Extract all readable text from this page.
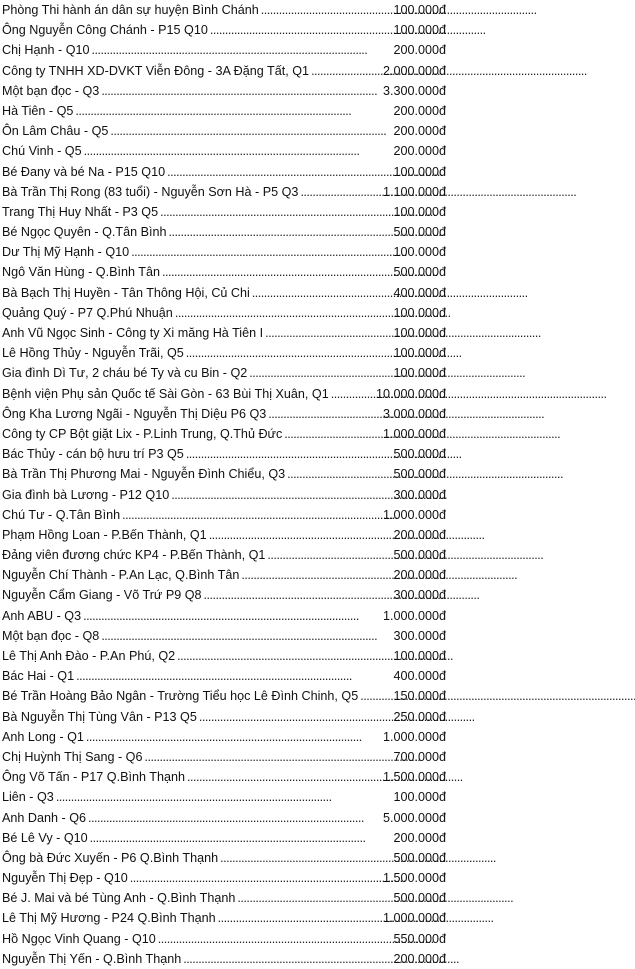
Phòng Thi hành án dân sự huyện Bình Chánh . . .	100.000đ
Ông Nguyễn Công Chánh - P15 Q10 . . .	100.000đ
Chị Hạnh - Q10 . . .	200.000đ
Công ty TNHH XD-DVKT Viễn Đông - 3A Đặng Tất, Q1 . . .	2.000.000đ
Một bạn đọc - Q3 . . .	3.300.000đ
Hà Tiên - Q5 . . .	200.000đ
Ôn Lâm Châu - Q5 . . .	200.000đ
Chú Vinh - Q5 . . .	200.000đ
Bé Đany và bé Na - P15 Q10 . . .	100.000đ
Bà Trần Thị Rong (83 tuổi) - Nguyễn Sơn Hà - P5 Q3 . . .	1.100.000đ
Trang Thị Huy Nhất - P3 Q5 . . .	100.000đ
Bé Ngọc Quyên - Q.Tân Bình . . .	500.000đ
Dư Thị Mỹ Hạnh - Q10 . . .	100.000đ
Ngô Văn Hùng - Q.Bình Tân . . .	500.000đ
Bà Bạch Thị Huyền - Tân Thông Hội, Củ Chi . . .	400.000đ
Quảng Quý - P7 Q.Phú Nhuận . . .	100.000đ
Anh Vũ Ngọc Sinh - Công ty Xi măng Hà Tiên I . . .	100.000đ
Lê Hồng Thủy - Nguyễn Trãi, Q5 . . .	100.000đ
Gia đình Dì Tư, 2 cháu bé Ty và cu Bin - Q2 . . .	100.000đ
Bệnh viện Phụ sản Quốc tế Sài Gòn - 63 Bùi Thị Xuân, Q1 . . .	10.000.000đ
Ông Kha Lương Ngãi - Nguyễn Thị Diệu P6 Q3 . . .	3.000.000đ
Công ty CP Bột giặt Lix - P.Linh Trung, Q.Thủ Đức . . .	1.000.000đ
Bác Thủy - cán bộ hưu trí P3 Q5 . . .	500.000đ
Bà Trần Thị Phương Mai - Nguyễn Đình Chiểu, Q3 . . .	500.000đ
Gia đình bà Lương - P12 Q10 . . .	300.000đ
Chú Tư - Q.Tân Bình . . .	1.000.000đ
Phạm Hồng Loan - P.Bến Thành, Q1 . . .	200.000đ
Đảng viên đương chức KP4 - P.Bến Thành, Q1 . . .	500.000đ
Nguyễn Chí Thành - P.An Lạc, Q.Bình Tân . . .	200.000đ
Nguyễn Cẩm Giang - Võ Trứ P9 Q8 . . .	300.000đ
Anh ABU - Q3 . . .	1.000.000đ
Một bạn đọc - Q8 . . .	300.000đ
Lê Thị Anh Đào - P.An Phú, Q2 . . .	100.000đ
Bác Hai - Q1 . . .	400.000đ
Bé Trần Hoàng Bảo Ngân - Trường Tiểu học Lê Đình Chinh, Q5 . . .	150.000đ
Bà Nguyễn Thị Tùng Vân - P13 Q5 . . .	250.000đ
Anh Long - Q1 . . .	1.000.000đ
Chị Huỳnh Thị Sang - Q6 . . .	700.000đ
Ông Võ Tấn - P17 Q.Bình Thạnh . . .	1.500.000đ
Liên - Q3 . . .	100.000đ
Anh Danh - Q6 . . .	5.000.000đ
Bé Lê Vy - Q10 . . .	200.000đ
Ông bà Đức Xuyến - P6 Q.Bình Thạnh . . .	500.000đ
Nguyễn Thị Đẹp - Q10 . . .	1.500.000đ
Bé J. Mai và bé Tùng Anh - Q.Bình Thạnh . . .	500.000đ
Lê Thị Mỹ Hương - P24 Q.Bình Thạnh . . .	1.000.000đ
Hồ Ngọc Vinh Quang - Q10 . . .	550.000đ
Nguyễn Thị Yến - Q.Bình Thạnh . . .	200.000đ
